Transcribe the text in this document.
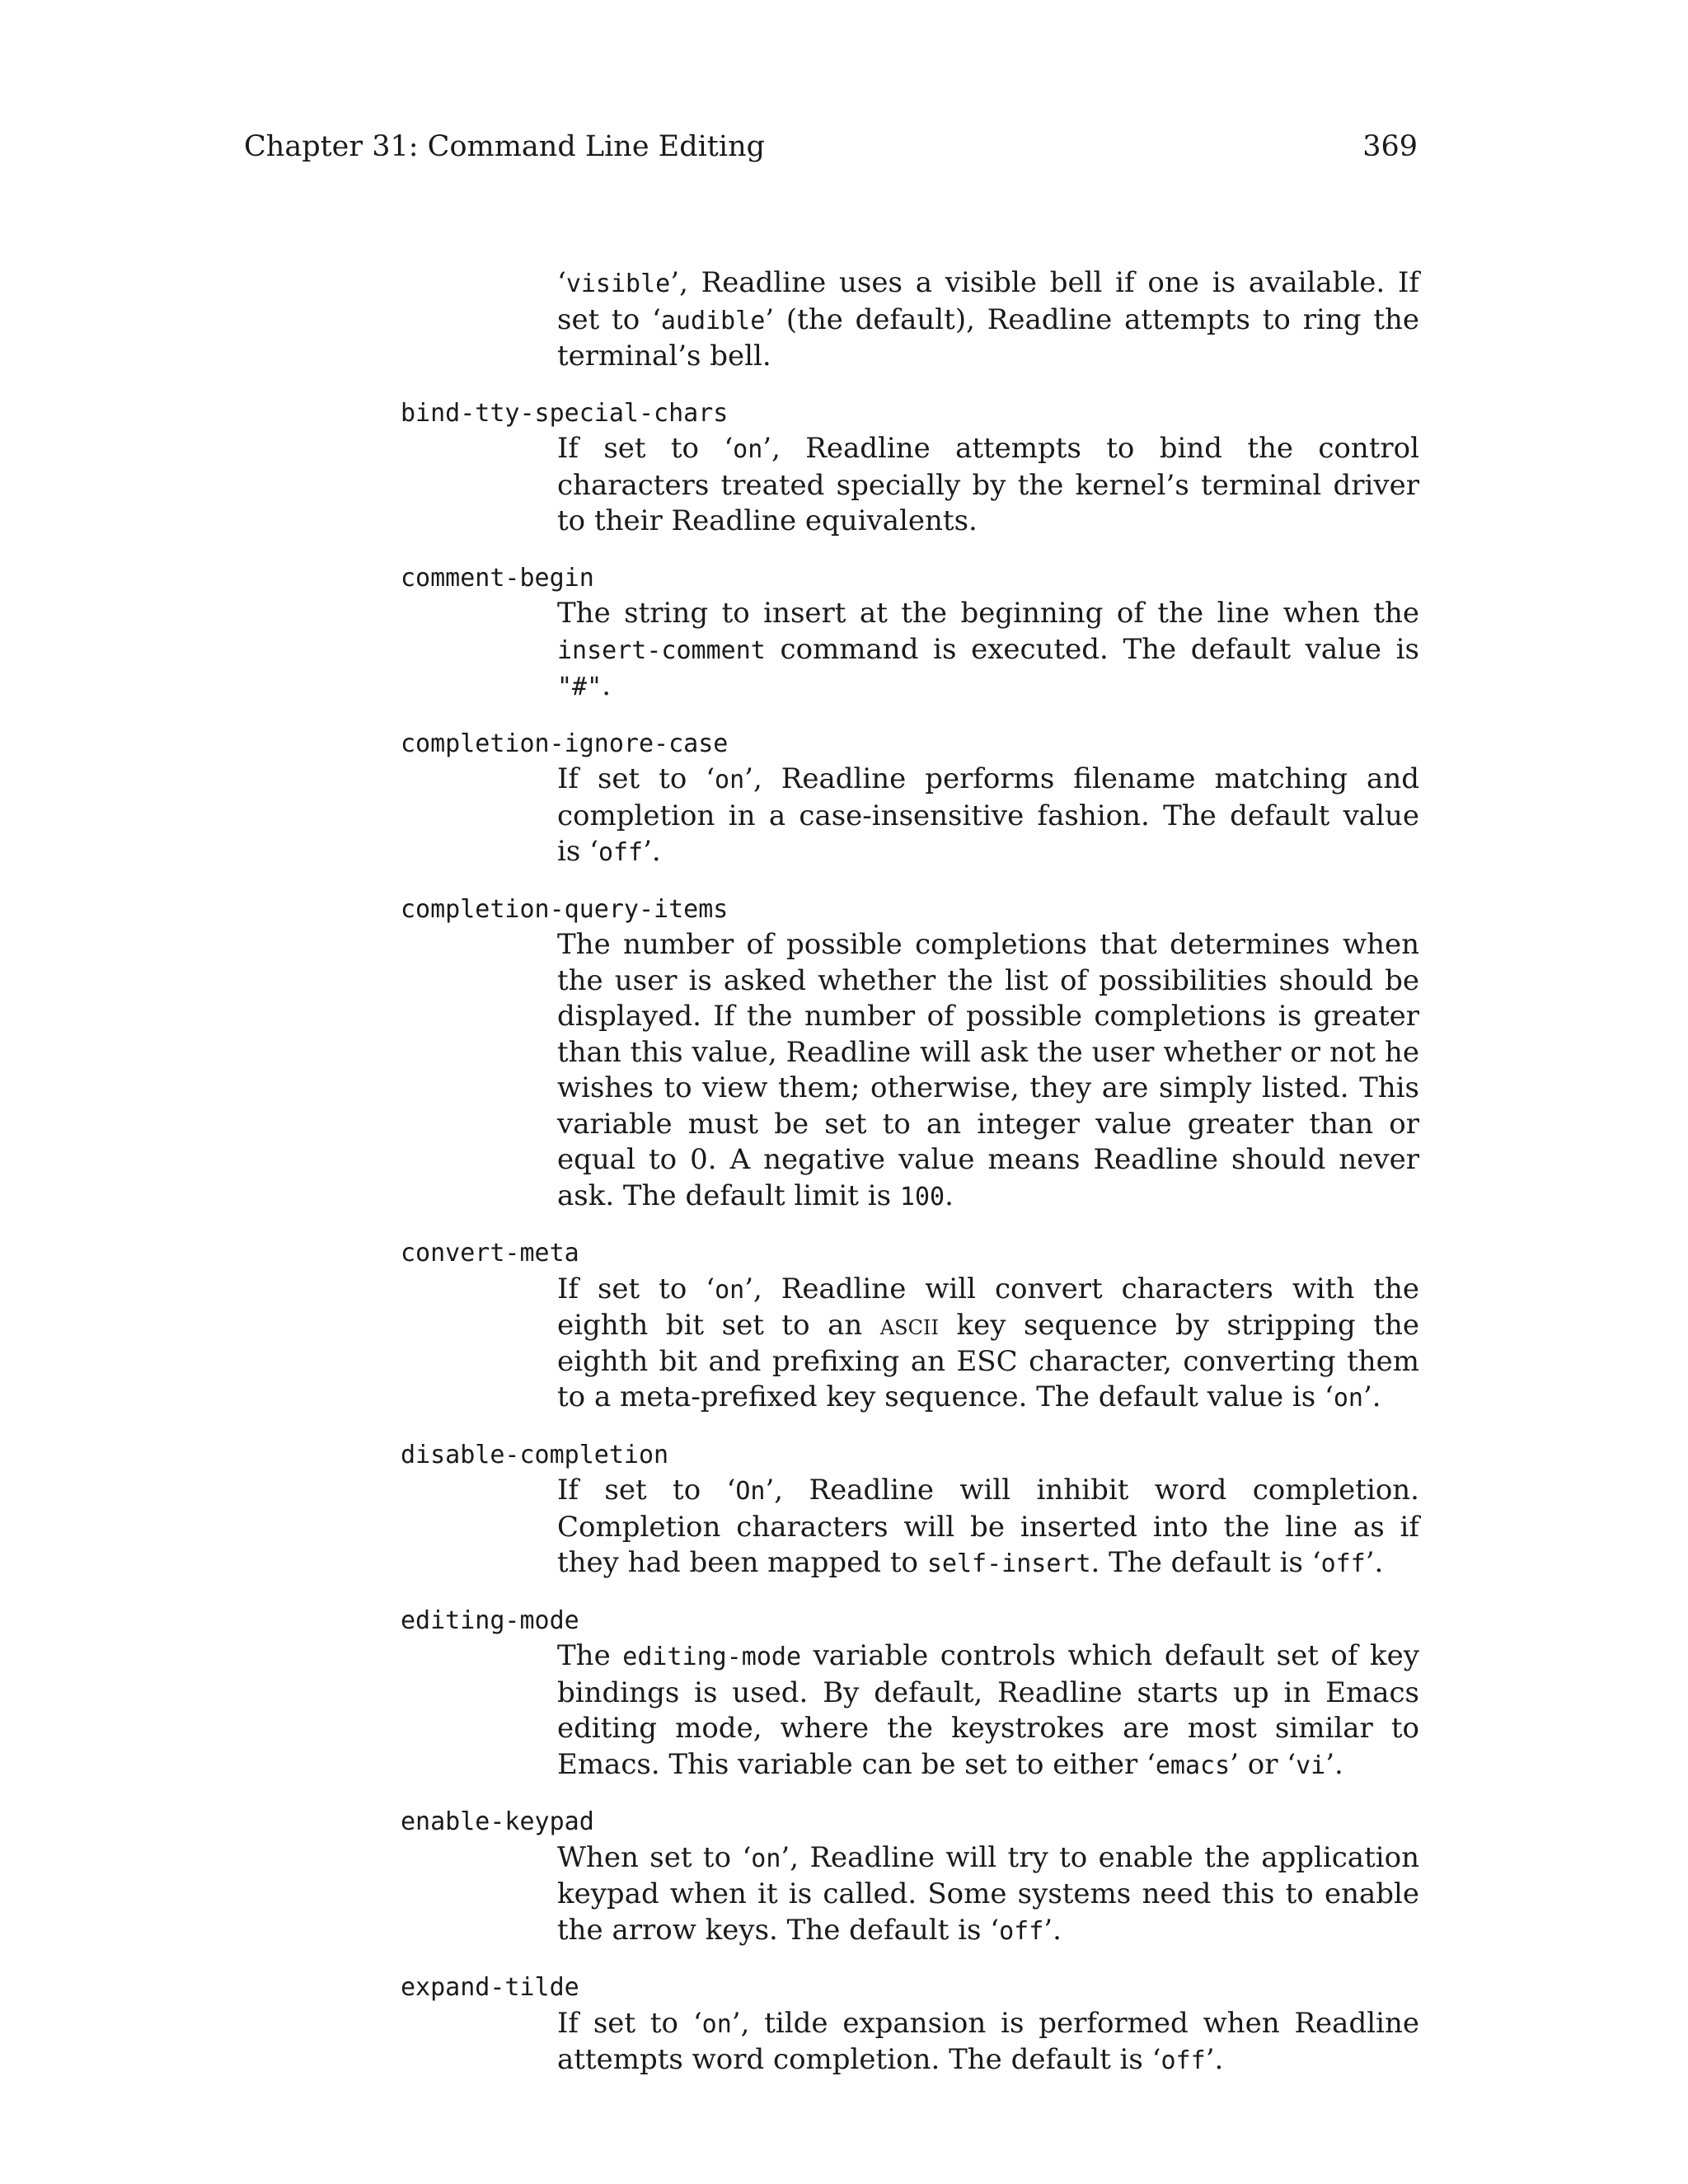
Chapter 31: Command Line Editing	369

‘visible’, Readline uses a visible bell if one is available. If set to ‘audible’ (the default), Readline attempts to ring the terminal’s bell.

bind-tty-special-chars

If set to ‘on’, Readline attempts to bind the control characters treated specially by the kernel’s terminal driver to their Readline equivalents.

comment-begin

The string to insert at the beginning of the line when the insert-comment command is executed. The default value is "#".

completion-ignore-case

If set to ‘on’, Readline performs filename matching and completion in a case-insensitive fashion. The default value is ‘off’.

completion-query-items

The number of possible completions that determines when the user is asked whether the list of possibilities should be displayed. If the number of possible completions is greater than this value, Readline will ask the user whether or not he wishes to view them; otherwise, they are simply listed. This variable must be set to an integer value greater than or equal to 0. A negative value means Readline should never ask. The default limit is 100.

convert-meta

If set to ‘on’, Readline will convert characters with the eighth bit set to an ascii key sequence by stripping the eighth bit and prefixing an ESC character, converting them to a meta-prefixed key sequence. The default value is ‘on’.

disable-completion

If set to ‘On’, Readline will inhibit word completion. Completion characters will be inserted into the line as if they had been mapped to self-insert. The default is ‘off’.

editing-mode

The editing-mode variable controls which default set of key bindings is used. By default, Readline starts up in Emacs editing mode, where the keystrokes are most similar to Emacs. This variable can be set to either ‘emacs’ or ‘vi’.

enable-keypad

When set to ‘on’, Readline will try to enable the application keypad when it is called. Some systems need this to enable the arrow keys. The default is ‘off’.

expand-tilde

If set to ‘on’, tilde expansion is performed when Readline attempts word completion. The default is ‘off’.
